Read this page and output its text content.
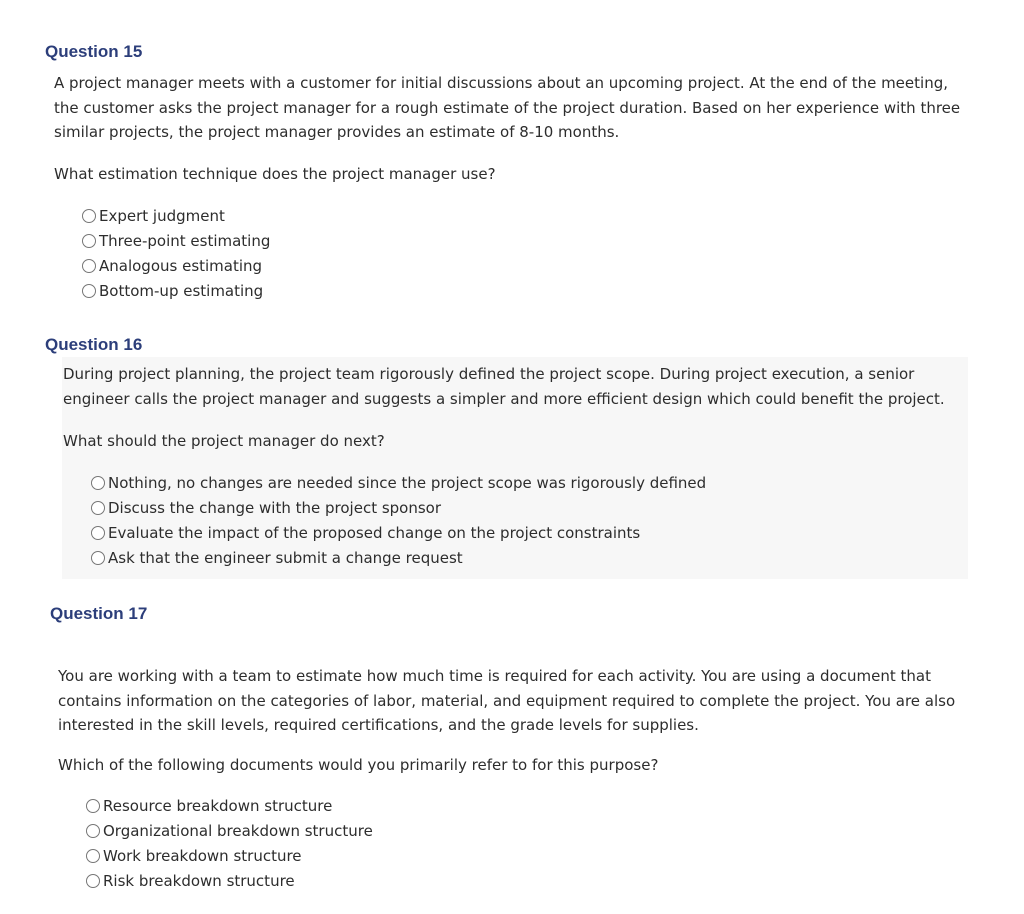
Question 15

A project manager meets with a customer for initial discussions about an upcoming project. At the end of the meeting, the customer asks the project manager for a rough estimate of the project duration. Based on her experience with three similar projects, the project manager provides an estimate of 8-10 months.

What estimation technique does the project manager use?

Expert judgment
Three-point estimating
Analogous estimating
Bottom-up estimating
Question 16

During project planning, the project team rigorously defined the project scope. During project execution, a senior engineer calls the project manager and suggests a simpler and more efficient design which could benefit the project.

What should the project manager do next?

Nothing, no changes are needed since the project scope was rigorously defined
Discuss the change with the project sponsor
Evaluate the impact of the proposed change on the project constraints
Ask that the engineer submit a change request
Question 17

You are working with a team to estimate how much time is required for each activity. You are using a document that contains information on the categories of labor, material, and equipment required to complete the project. You are also interested in the skill levels, required certifications, and the grade levels for supplies.

Which of the following documents would you primarily refer to for this purpose?

Resource breakdown structure
Organizational breakdown structure
Work breakdown structure
Risk breakdown structure
